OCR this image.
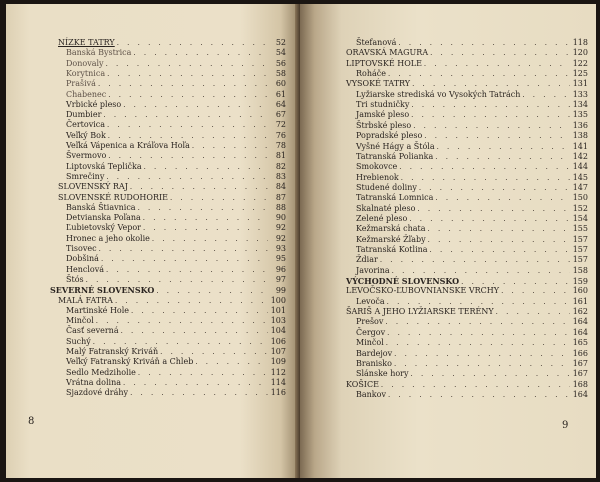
NÍZKE TATRY . . .	52
Banská Bystrica . . .	54
Donovaly . . .	56
Korytnica . . .	58
Prašivá . . .	60
Chabenec . . .	61
Vrbické pleso . . .	64
Dumbier . . .	67
Čertovica . . .	72
Veľký Bok . . .	76
Veľká Vápenica a Kráľova Hoľa . . .	78
Švermovo . . .	81
Liptovská Teplička . . .	82
Smrečiny . . .	83
SLOVENSKÝ RAJ . . .	84
SLOVENSKÉ RUDOHORIE . . .	87
Banská Štiavnica . . .	88
Detvianska Poľana . . .	90
Ľubietovský Vepor . . .	92
Hronec a jeho okolie . . .	92
Tisovec . . .	93
Dobšiná . . .	95
Henclová . . .	96
Štós . . .	97
SEVERNÉ SLOVENSKO . . .	99
MALÁ FATRA . . .	100
Martinské Hole . . .	101
Minčol . . .	103
Časť severná . . .	104
Suchý . . .	106
Malý Fatranský Kriváň . . .	107
Veľký Fatranský Kriváň a Chleb . . .	109
Sedlo Medziholie . . .	112
Vrátna dolina . . .	114
Sjazdové dráhy . . .	116
8
Štefanová . . .	118
ORAVSKÁ MAGURA . . .	120
LIPTOVSKÉ HOLE . . .	122
Roháče . . .	125
VYSOKÉ TATRY . . .	131
Lyžiarske strediská vo Vysokých Tatrách . . .	133
Tri studničky . . .	134
Jamské pleso . . .	135
Štrbské pleso . . .	136
Popradské pleso . . .	138
Vyšné Hágy a Štóla . . .	141
Tatranská Polianka . . .	142
Smokovce . . .	144
Hrebienok . . .	145
Studené doliny . . .	147
Tatranská Lomnica . . .	150
Skalnaté pleso . . .	152
Zelené pleso . . .	154
Kežmarská chata . . .	155
Kežmarské Žľaby . . .	157
Tatranská Kotlina . . .	157
Ždiar . . .	157
Javorina . . .	158
VÝCHODNÉ SLOVENSKO . . .	159
LEVOČSKO-ĽUBOVNIANSKE VRCHY . . .	160
Levoča . . .	161
ŠARIŠ A JEHO LYŽIARSKE TERÉNY . . .	162
Prešov . . .	164
Čergov . . .	164
Minčol . . .	165
Bardejov . . .	166
Branisko . . .	167
Slánske hory . . .	167
KOŠICE . . .	168
Bankov . . .	164
9
